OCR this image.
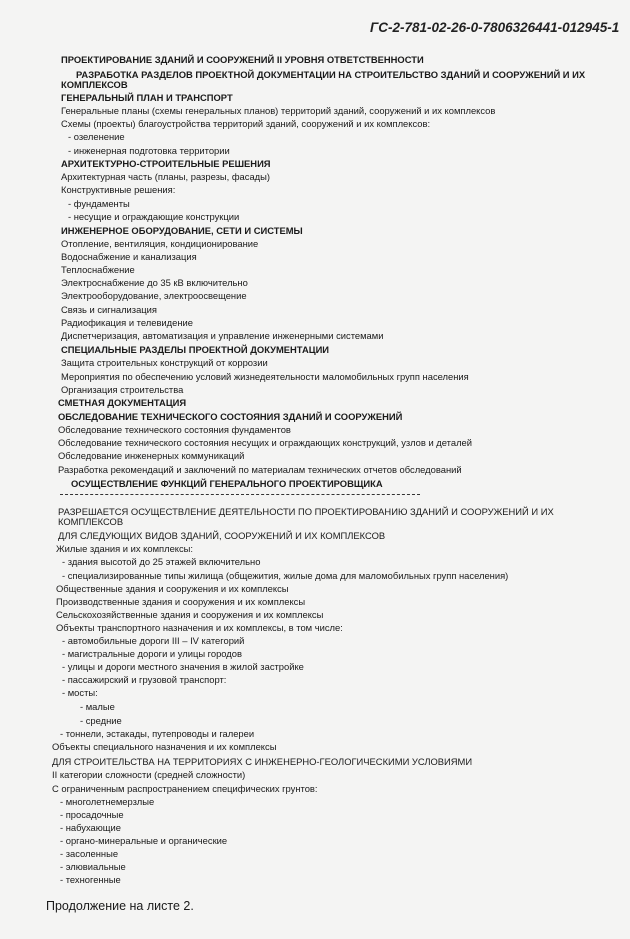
ГС-2-781-02-26-0-7806326441-012945-1
ПРОЕКТИРОВАНИЕ ЗДАНИЙ И СООРУЖЕНИЙ II УРОВНЯ ОТВЕТСТВЕННОСТИ
РАЗРАБОТКА РАЗДЕЛОВ ПРОЕКТНОЙ ДОКУМЕНТАЦИИ НА СТРОИТЕЛЬСТВО ЗДАНИЙ И СООРУЖЕНИЙ И ИХ
КОМПЛЕКСОВ
ГЕНЕРАЛЬНЫЙ ПЛАН И ТРАНСПОРТ
Генеральные планы (схемы генеральных планов) территорий зданий, сооружений и их комплексов
Схемы (проекты) благоустройства территорий зданий, сооружений и их комплексов:
- озеленение
- инженерная подготовка территории
АРХИТЕКТУРНО-СТРОИТЕЛЬНЫЕ РЕШЕНИЯ
Архитектурная часть (планы, разрезы, фасады)
Конструктивные решения:
- фундаменты
- несущие и ограждающие конструкции
ИНЖЕНЕРНОЕ ОБОРУДОВАНИЕ, СЕТИ И СИСТЕМЫ
Отопление, вентиляция, кондиционирование
Водоснабжение и канализация
Теплоснабжение
Электроснабжение до 35 кВ включительно
Электрооборудование, электроосвещение
Связь и сигнализация
Радиофикация и телевидение
Диспетчеризация, автоматизация и управление инженерными системами
СПЕЦИАЛЬНЫЕ РАЗДЕЛЫ ПРОЕКТНОЙ ДОКУМЕНТАЦИИ
Защита строительных конструкций от коррозии
Мероприятия по обеспечению условий жизнедеятельности маломобильных групп населения
Организация строительства
СМЕТНАЯ ДОКУМЕНТАЦИЯ
ОБСЛЕДОВАНИЕ ТЕХНИЧЕСКОГО СОСТОЯНИЯ ЗДАНИЙ И СООРУЖЕНИЙ
Обследование технического состояния фундаментов
Обследование технического состояния несущих и ограждающих конструкций, узлов и деталей
Обследование инженерных коммуникаций
Разработка рекомендаций и заключений по материалам технических отчетов обследований
ОСУЩЕСТВЛЕНИЕ ФУНКЦИЙ ГЕНЕРАЛЬНОГО ПРОЕКТИРОВЩИКА
РАЗРЕШАЕТСЯ ОСУЩЕСТВЛЕНИЕ ДЕЯТЕЛЬНОСТИ ПО ПРОЕКТИРОВАНИЮ ЗДАНИЙ И СООРУЖЕНИЙ И ИХ
КОМПЛЕКСОВ
ДЛЯ СЛЕДУЮЩИХ ВИДОВ ЗДАНИЙ, СООРУЖЕНИЙ И ИХ КОМПЛЕКСОВ
Жилые здания и их комплексы:
- здания высотой до 25 этажей включительно
- специализированные типы жилища (общежития, жилые дома для маломобильных групп населения)
Общественные здания и сооружения и их комплексы
Производственные здания и сооружения и их комплексы
Сельскохозяйственные здания и сооружения и их комплексы
Объекты транспортного назначения и их комплексы, в том числе:
- автомобильные дороги III – IV категорий
- магистральные дороги и улицы городов
- улицы и дороги местного значения в жилой застройке
- пассажирский и грузовой транспорт:
- мосты:
- малые
- средние
- тоннели, эстакады, путепроводы и галереи
Объекты специального назначения и их комплексы
ДЛЯ СТРОИТЕЛЬСТВА НА ТЕРРИТОРИЯХ С ИНЖЕНЕРНО-ГЕОЛОГИЧЕСКИМИ УСЛОВИЯМИ
II категории сложности (средней сложности)
С ограниченным распространением специфических грунтов:
- многолетнемерзлые
- просадочные
- набухающие
- органо-минеральные и органические
- засоленные
- элювиальные
- техногенные
Продолжение на листе 2.
